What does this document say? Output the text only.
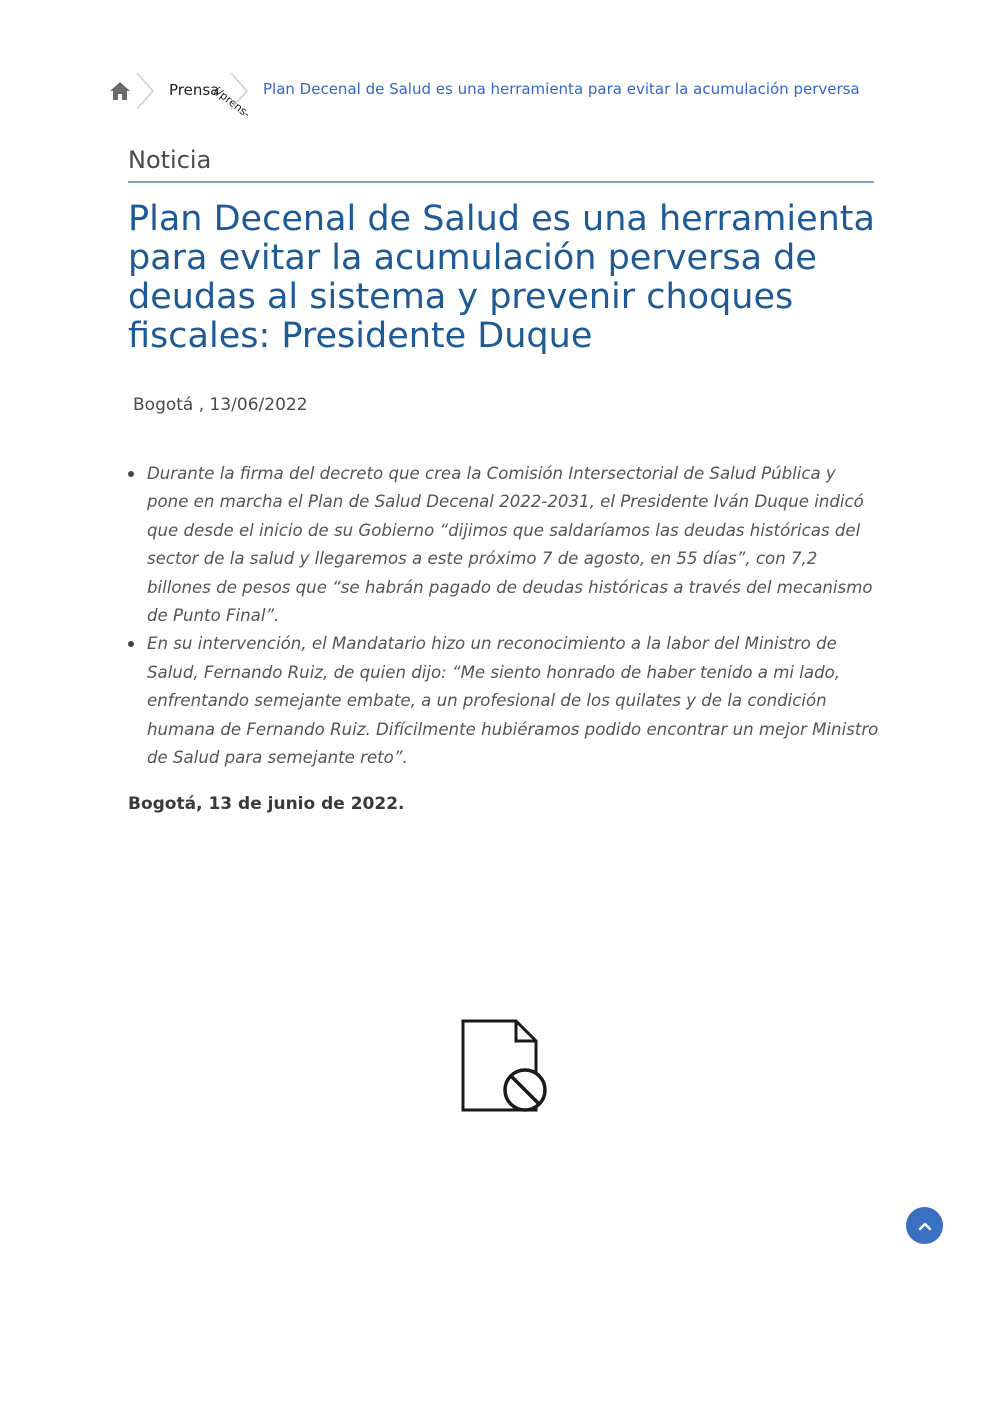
Prensa
(/prens- Plan Decenal de Salud es una herramienta para evitar la acumulación perversa
Noticia
Plan Decenal de Salud es una herramienta para evitar la acumulación perversa de deudas al sistema y prevenir choques fiscales: Presidente Duque
Bogotá , 13/06/2022
Durante la firma del decreto que crea la Comisión Intersectorial de Salud Pública y pone en marcha el Plan de Salud Decenal 2022-2031, el Presidente Iván Duque indicó que desde el inicio de su Gobierno “dijimos que saldaríamos las deudas históricas del sector de la salud y llegaremos a este próximo 7 de agosto, en 55 días”, con 7,2 billones de pesos que “se habrán pagado de deudas históricas a través del mecanismo de Punto Final”.
En su intervención, el Mandatario hizo un reconocimiento a la labor del Ministro de Salud, Fernando Ruiz, de quien dijo: “Me siento honrado de haber tenido a mi lado, enfrentando semejante embate, a un profesional de los quilates y de la condición humana de Fernando Ruiz. Difícilmente hubiéramos podido encontrar un mejor Ministro de Salud para semejante reto”.

Bogotá, 13 de junio de 2022.
